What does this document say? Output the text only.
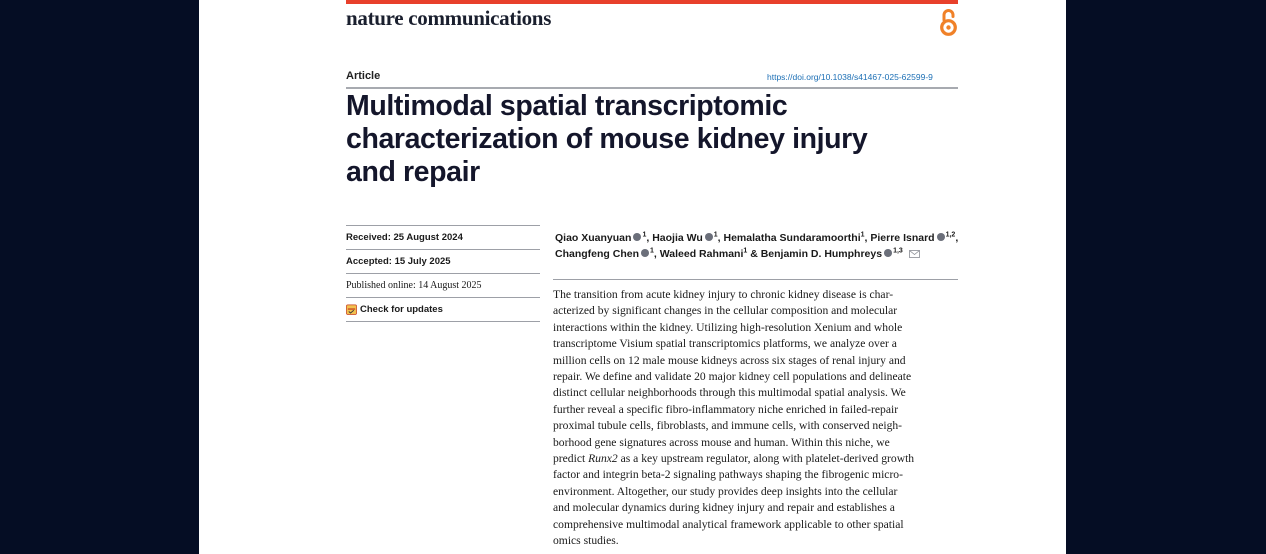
nature communications
Article	https://doi.org/10.1038/s41467-025-62599-9
Multimodal spatial transcriptomic
characterization of mouse kidney injury
and repair
Received: 25 August 2024
Accepted: 15 July 2025
Published online: 14 August 2025
Check for updates
Qiao Xuanyuan $^1$, Haojia Wu $^1$, Hemalatha Sundaramoorthi$^1$, Pierre Isnard $^{1,2}$,
Changfeng Chen $^1$, Waleed Rahmani$^1$ & Benjamin D. Humphreys $^{1,3}$
The transition from acute kidney injury to chronic kidney disease is char-
acterized by significant changes in the cellular composition and molecular
interactions within the kidney. Utilizing high-resolution Xenium and whole
transcriptome Visium spatial transcriptomics platforms, we analyze over a
million cells on 12 male mouse kidneys across six stages of renal injury and
repair. We define and validate 20 major kidney cell populations and delineate
distinct cellular neighborhoods through this multimodal spatial analysis. We
further reveal a specific fibro-inflammatory niche enriched in failed-repair
proximal tubule cells, fibroblasts, and immune cells, with conserved neigh-
borhood gene signatures across mouse and human. Within this niche, we
predict Runx2 as a key upstream regulator, along with platelet-derived growth
factor and integrin beta-2 signaling pathways shaping the fibrogenic micro-
environment. Altogether, our study provides deep insights into the cellular
and molecular dynamics during kidney injury and repair and establishes a
comprehensive multimodal analytical framework applicable to other spatial
omics studies.
